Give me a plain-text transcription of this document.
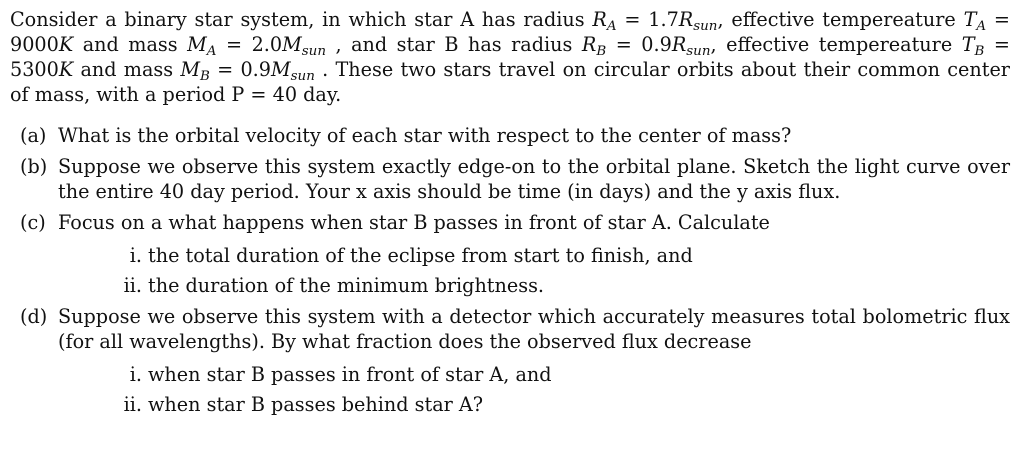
Consider a binary star system, in which star A has radius $R_A = 1.7R_{sun}$, effective tempereature $T_A = 9000K$ and mass $M_A = 2.0M_{sun}$ , and star B has radius $R_B = 0.9R_{sun}$, effective tempereature $T_B = 5300K$ and mass $M_B = 0.9M_{sun}$ . These two stars travel on circular orbits about their common center of mass, with a period P = 40 day.

(a) What is the orbital velocity of each star with respect to the center of mass?
(b) Suppose we observe this system exactly edge-on to the orbital plane. Sketch the light curve over the entire 40 day period. Your x axis should be time (in days) and the y axis flux.
(c) Focus on a what happens when star B passes in front of star A. Calculate
i. the total duration of the eclipse from start to finish, and
ii. the duration of the minimum brightness.
(d) Suppose we observe this system with a detector which accurately measures total bolometric flux (for all wavelengths). By what fraction does the observed flux decrease
i. when star B passes in front of star A, and
ii. when star B passes behind star A?
